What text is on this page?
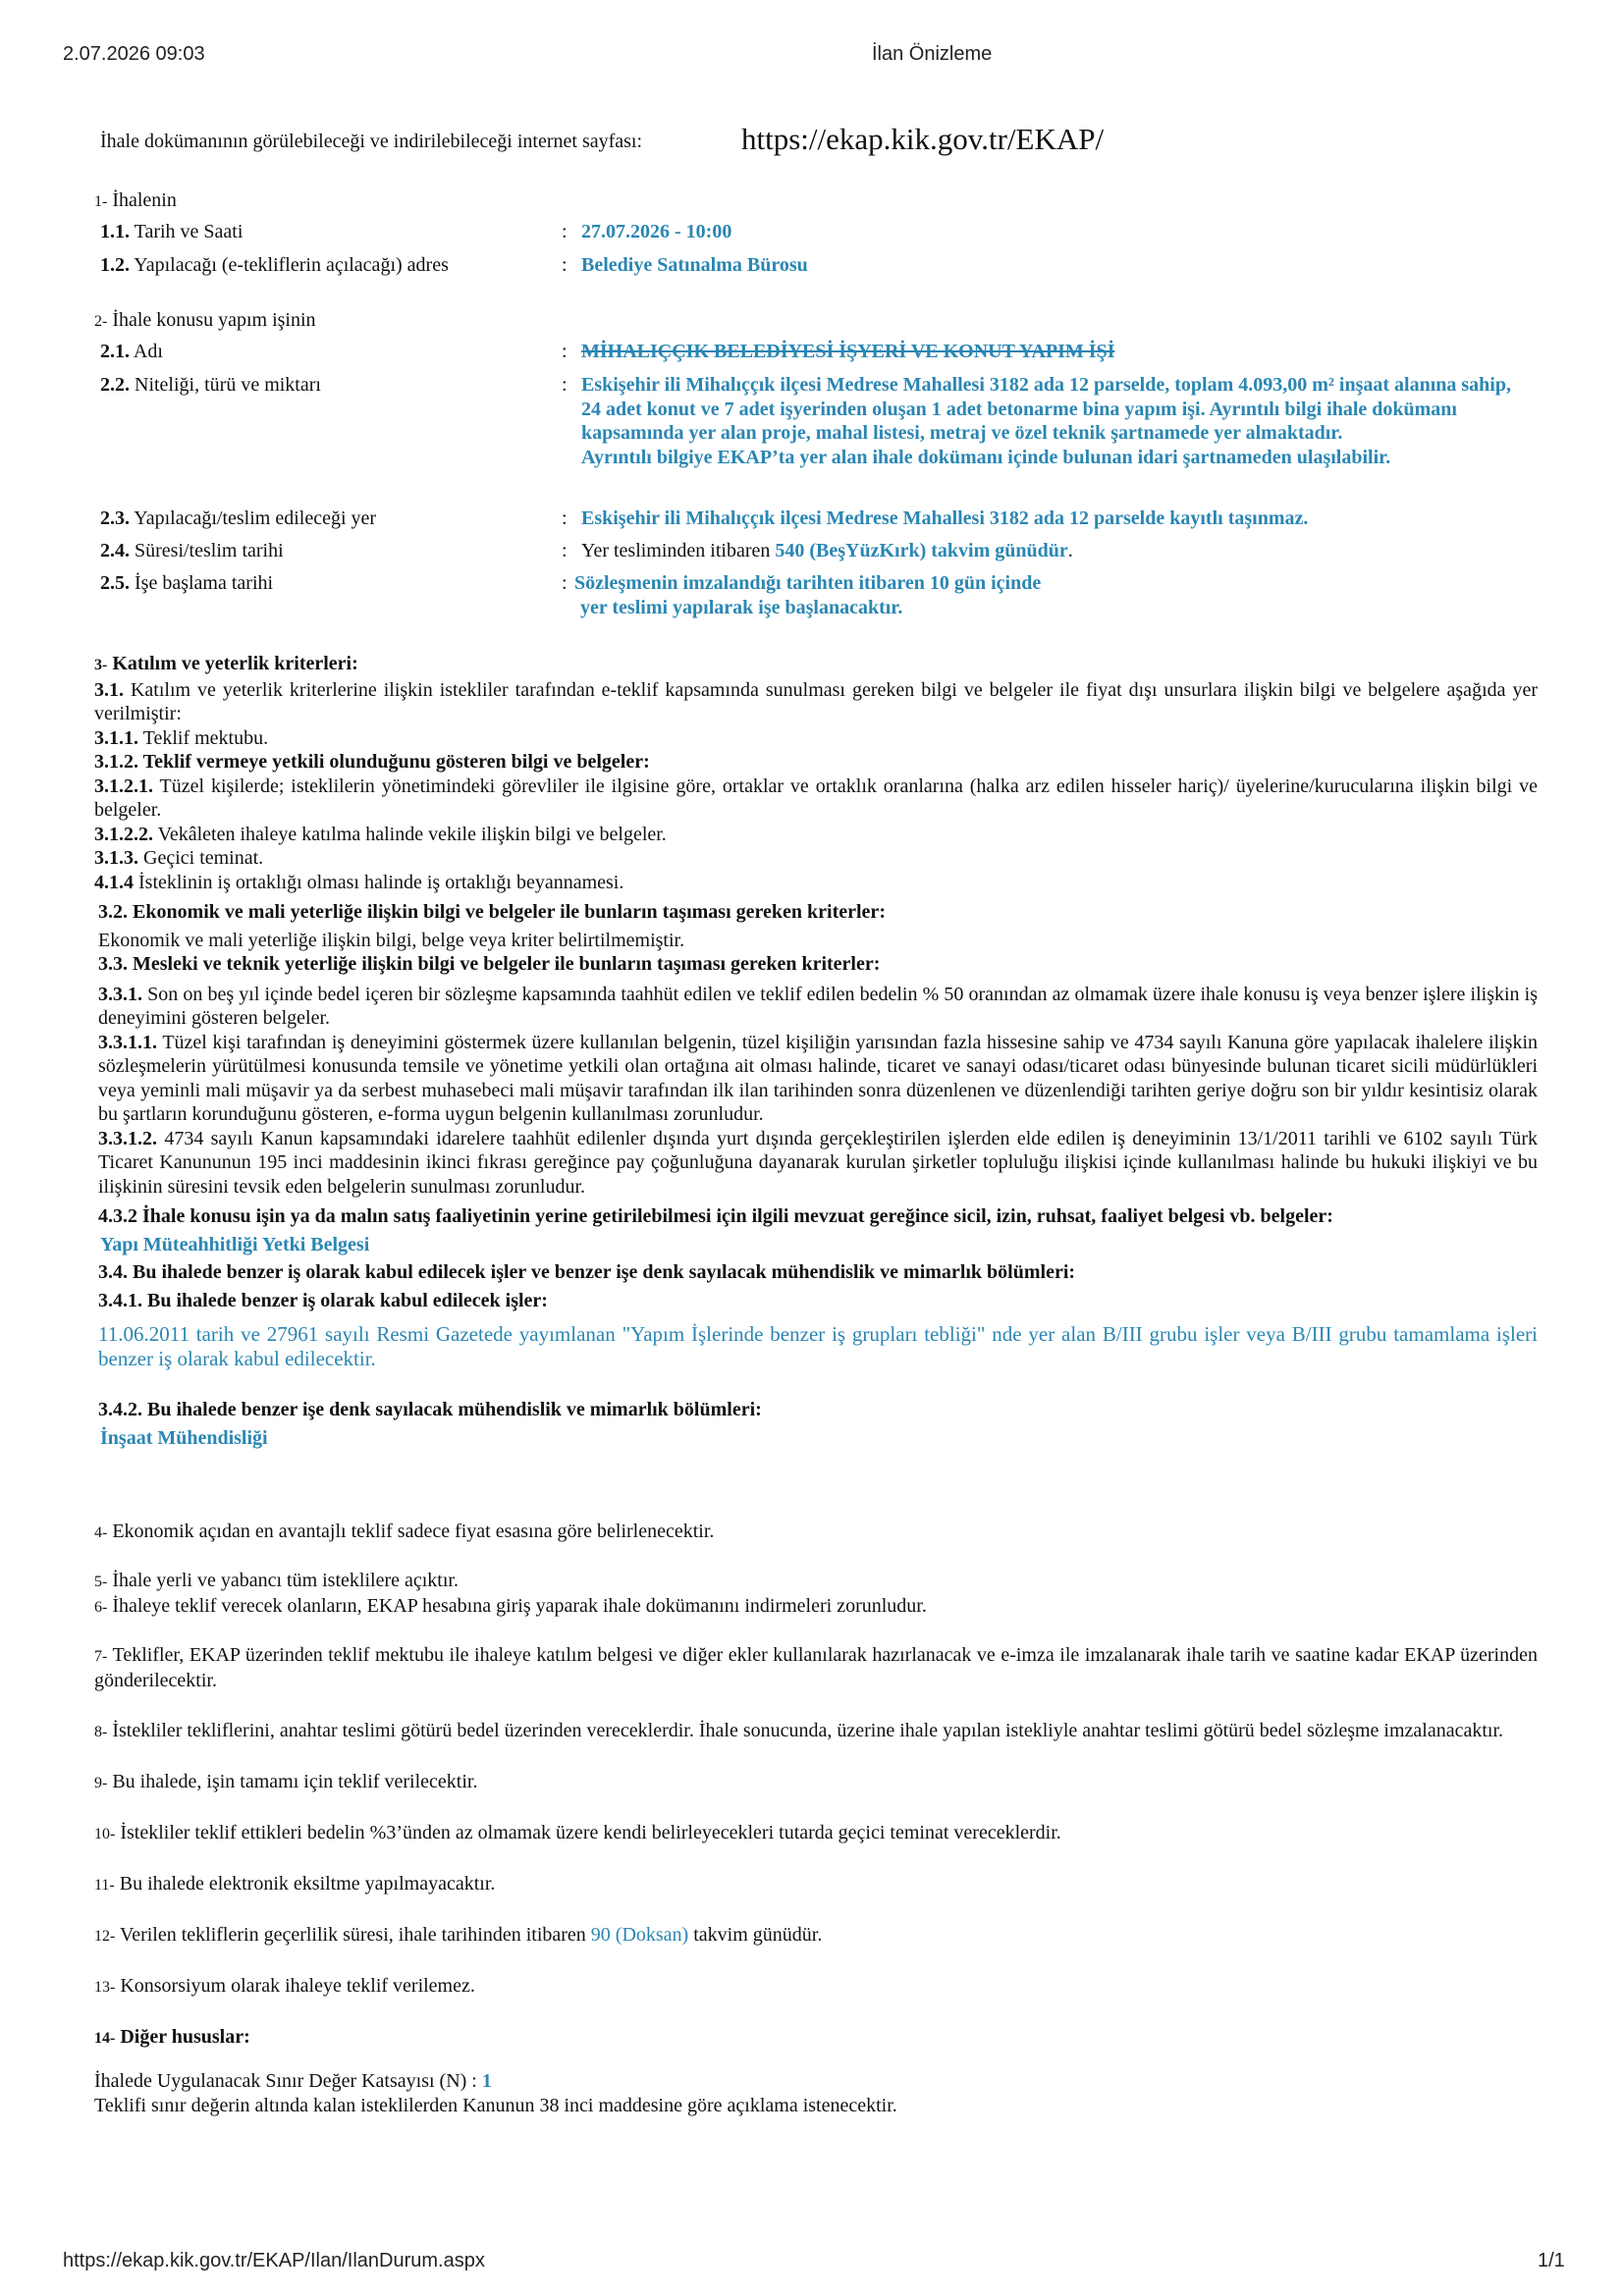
2.07.2026 09:03	İlan Önizleme
İhale dokümanının görülebileceği ve indirilebileceği internet sayfası:	https://ekap.kik.gov.tr/EKAP/
1- İhalenin
1.1. Tarih ve Saati	: 27.07.2026 - 10:00
1.2. Yapılacağı (e-tekliflerin açılacağı) adres	: Belediye Satınalma Bürosu
2- İhale konusu yapım işinin
2.1. Adı	: MİHALIÇÇIK BELEDİYESİ İŞYERİ VE KONUT YAPIM İŞİ
2.2. Niteliği, türü ve miktarı	: Eskişehir ili Mihalıççık ilçesi Medrese Mahallesi 3182 ada 12 parselde, toplam 4.093,00 m² inşaat alanına sahip, 24 adet konut ve 7 adet işyerinden oluşan 1 adet betonarme bina yapım işi. Ayrıntılı bilgi ihale dokümanı kapsamında yer alan proje, mahal listesi, metraj ve özel teknik şartnamede yer almaktadır.
Ayrıntılı bilgiye EKAP’ta yer alan ihale dokümanı içinde bulunan idari şartnameden ulaşılabilir.
2.3. Yapılacağı/teslim edileceği yer	: Eskişehir ili Mihalıççık ilçesi Medrese Mahallesi 3182 ada 12 parselde kayıtlı taşınmaz.
2.4. Süresi/teslim tarihi	: Yer tesliminden itibaren 540 (BeşYüzKırk) takvim günüdür.
2.5. İşe başlama tarihi	: Sözleşmenin imzalandığı tarihten itibaren 10 gün içinde
yer teslimi yapılarak işe başlanacaktır.
3- Katılım ve yeterlik kriterleri:
3.1. Katılım ve yeterlik kriterlerine ilişkin istekliler tarafından e-teklif kapsamında sunulması gereken bilgi ve belgeler ile fiyat dışı unsurlara ilişkin bilgi ve belgelere aşağıda yer verilmiştir:
3.1.1. Teklif mektubu.
3.1.2. Teklif vermeye yetkili olunduğunu gösteren bilgi ve belgeler:
3.1.2.1. Tüzel kişilerde; isteklilerin yönetimindeki görevliler ile ilgisine göre, ortaklar ve ortaklık oranlarına (halka arz edilen hisseler hariç)/ üyelerine/kurucularına ilişkin bilgi ve belgeler.
3.1.2.2. Vekâleten ihaleye katılma halinde vekile ilişkin bilgi ve belgeler.
3.1.3. Geçici teminat.
4.1.4 İsteklinin iş ortaklığı olması halinde iş ortaklığı beyannamesi.
3.2. Ekonomik ve mali yeterliğe ilişkin bilgi ve belgeler ile bunların taşıması gereken kriterler:
Ekonomik ve mali yeterliğe ilişkin bilgi, belge veya kriter belirtilmemiştir.
3.3. Mesleki ve teknik yeterliğe ilişkin bilgi ve belgeler ile bunların taşıması gereken kriterler:
3.3.1. Son on beş yıl içinde bedel içeren bir sözleşme kapsamında taahhüt edilen ve teklif edilen bedelin % 50 oranından az olmamak üzere ihale konusu iş veya benzer işlere ilişkin iş deneyimini gösteren belgeler.
3.3.1.1. Tüzel kişi tarafından iş deneyimini göstermek üzere kullanılan belgenin, tüzel kişiliğin yarısından fazla hissesine sahip ve 4734 sayılı Kanuna göre yapılacak ihalelere ilişkin sözleşmelerin yürütülmesi konusunda temsile ve yönetime yetkili olan ortağına ait olması halinde, ticaret ve sanayi odası/ticaret odası bünyesinde bulunan ticaret sicili müdürlükleri veya yeminli mali müşavir ya da serbest muhasebeci mali müşavir tarafından ilk ilan tarihinden sonra düzenlenen ve düzenlendiği tarihten geriye doğru son bir yıldır kesintisiz olarak bu şartların korunduğunu gösteren, e-forma uygun belgenin kullanılması zorunludur.
3.3.1.2. 4734 sayılı Kanun kapsamındaki idarelere taahhüt edilenler dışında yurt dışında gerçekleştirilen işlerden elde edilen iş deneyiminin 13/1/2011 tarihli ve 6102 sayılı Türk Ticaret Kanununun 195 inci maddesinin ikinci fıkrası gereğince pay çoğunluğuna dayanarak kurulan şirketler topluluğu ilişkisi içinde kullanılması halinde bu hukuki ilişkiyi ve bu ilişkinin süresini tevsik eden belgelerin sunulması zorunludur.
4.3.2 İhale konusu işin ya da malın satış faaliyetinin yerine getirilebilmesi için ilgili mevzuat gereğince sicil, izin, ruhsat, faaliyet belgesi vb. belgeler:
Yapı Müteahhitliği Yetki Belgesi
3.4. Bu ihalede benzer iş olarak kabul edilecek işler ve benzer işe denk sayılacak mühendislik ve mimarlık bölümleri:
3.4.1. Bu ihalede benzer iş olarak kabul edilecek işler:
11.06.2011 tarih ve 27961 sayılı Resmi Gazetede yayımlanan "Yapım İşlerinde benzer iş grupları tebliği" nde yer alan B/III grubu işler veya B/III grubu tamamlama işleri benzer iş olarak kabul edilecektir.
3.4.2. Bu ihalede benzer işe denk sayılacak mühendislik ve mimarlık bölümleri:
İnşaat Mühendisliği
4- Ekonomik açıdan en avantajlı teklif sadece fiyat esasına göre belirlenecektir.
5- İhale yerli ve yabancı tüm isteklilere açıktır.
6- İhaleye teklif verecek olanların, EKAP hesabına giriş yaparak ihale dokümanını indirmeleri zorunludur.
7- Teklifler, EKAP üzerinden teklif mektubu ile ihaleye katılım belgesi ve diğer ekler kullanılarak hazırlanacak ve e-imza ile imzalanarak ihale tarih ve saatine kadar EKAP üzerinden gönderilecektir.
8- İstekliler tekliflerini, anahtar teslimi götürü bedel üzerinden vereceklerdir. İhale sonucunda, üzerine ihale yapılan istekliyle anahtar teslimi götürü bedel sözleşme imzalanacaktır.
9- Bu ihalede, işin tamamı için teklif verilecektir.
10- İstekliler teklif ettikleri bedelin %3’ünden az olmamak üzere kendi belirleyecekleri tutarda geçici teminat vereceklerdir.
11- Bu ihalede elektronik eksiltme yapılmayacaktır.
12- Verilen tekliflerin geçerlilik süresi, ihale tarihinden itibaren 90 (Doksan) takvim günüdür.
13- Konsorsiyum olarak ihaleye teklif verilemez.
14- Diğer hususlar:
İhalede Uygulanacak Sınır Değer Katsayısı (N) : 1
Teklifi sınır değerin altında kalan isteklilerden Kanunun 38 inci maddesine göre açıklama istenecektir.
https://ekap.kik.gov.tr/EKAP/Ilan/IlanDurum.aspx	1/1
